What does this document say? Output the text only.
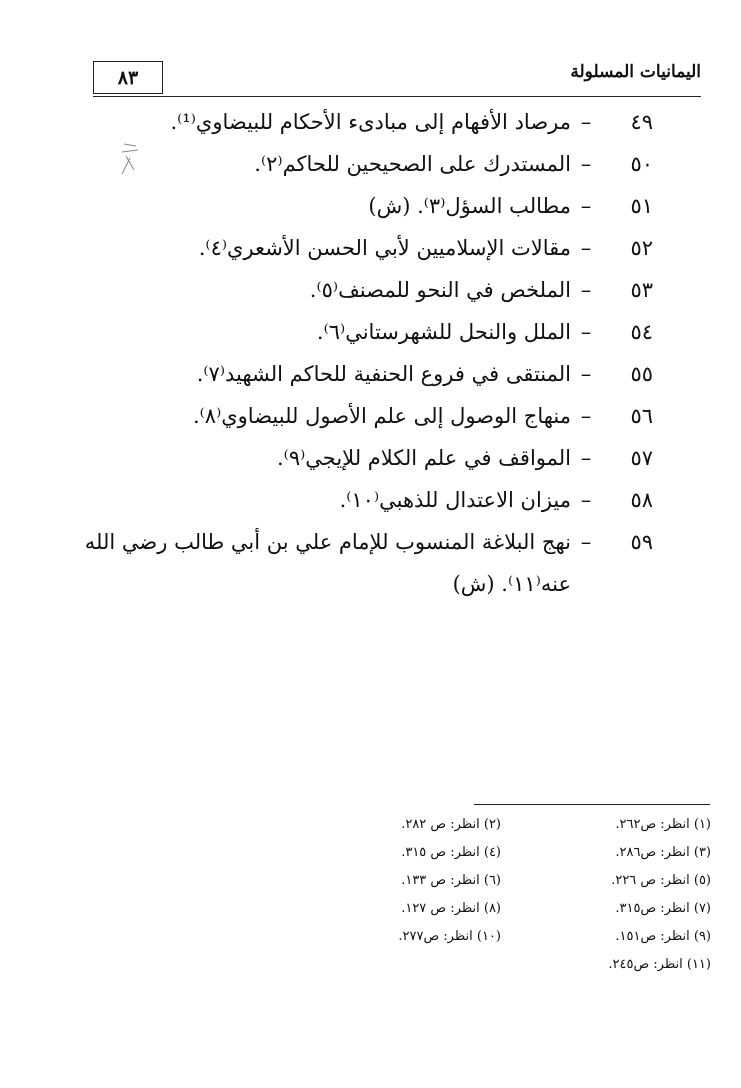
اليمانيات المسلولة
٨٣
٤٩
–
مرصاد الأفهام إلى مبادىء الأحكام للبيضاوي⁽¹⁾.
٥٠
–
المستدرك على الصحيحين للحاكم⁽٢⁾.
٥١
–
مطالب السؤل⁽٣⁾. (ش)
٥٢
–
مقالات الإسلاميين لأبي الحسن الأشعري⁽٤⁾.
٥٣
–
الملخص في النحو للمصنف⁽٥⁾.
٥٤
–
الملل والنحل للشهرستاني⁽٦⁾.
٥٥
–
المنتقى في فروع الحنفية للحاكم الشهيد⁽٧⁾.
٥٦
–
منهاج الوصول إلى علم الأصول للبيضاوي⁽٨⁾.
٥٧
–
المواقف في علم الكلام للإيجي⁽٩⁾.
٥٨
–
ميزان الاعتدال للذهبي⁽١٠⁾.
٥٩
–
نهج البلاغة المنسوب للإمام علي بن أبي طالب رضي الله
عنه⁽١١⁾. (ش)
(١) انظر: ص٢٦٢.
(٢) انظر: ص ٢٨٢.
(٣) انظر: ص٢٨٦.
(٤) انظر: ص ٣١٥.
(٥) انظر: ص ٢٢٦.
(٦) انظر: ص ١٣٣.
(٧) انظر: ص٣١٥.
(٨) انظر: ص ١٢٧.
(٩) انظر: ص١٥١.
(١٠) انظر: ص٢٧٧.
(١١) انظر: ص٢٤٥.
